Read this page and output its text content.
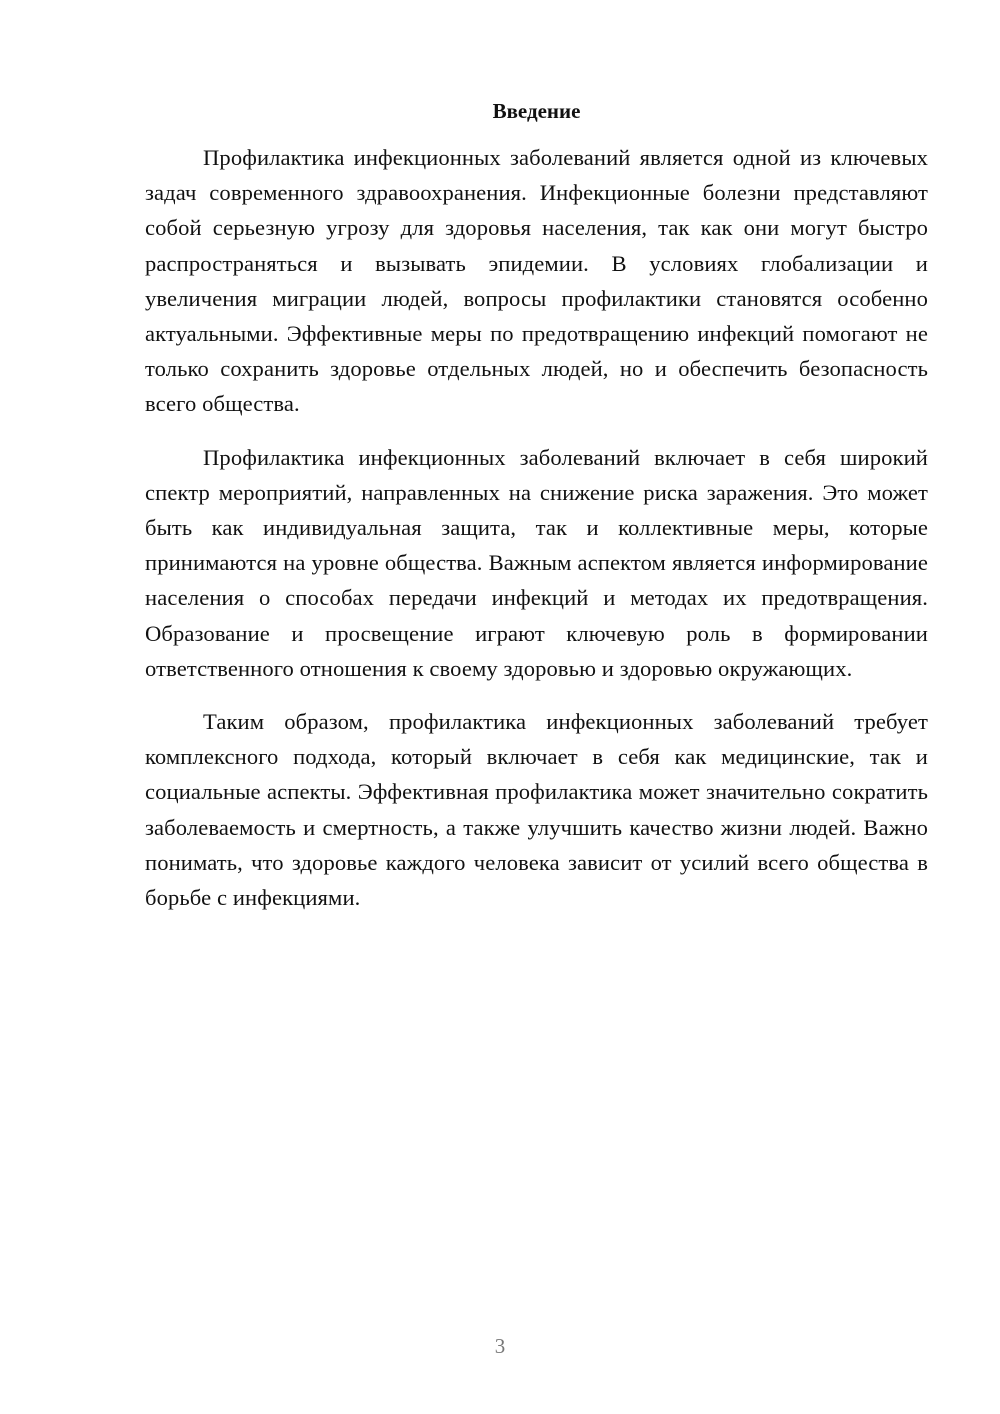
Введение

Профилактика инфекционных заболеваний является одной из ключевых задач современного здравоохранения. Инфекционные болезни представляют собой серьезную угрозу для здоровья населения, так как они могут быстро распространяться и вызывать эпидемии. В условиях глобализации и увеличения миграции людей, вопросы профилактики становятся особенно актуальными. Эффективные меры по предотвращению инфекций помогают не только сохранить здоровье отдельных людей, но и обеспечить безопасность всего общества.

Профилактика инфекционных заболеваний включает в себя широкий спектр мероприятий, направленных на снижение риска заражения. Это может быть как индивидуальная защита, так и коллективные меры, которые принимаются на уровне общества. Важным аспектом является информирование населения о способах передачи инфекций и методах их предотвращения. Образование и просвещение играют ключевую роль в формировании ответственного отношения к своему здоровью и здоровью окружающих.

Таким образом, профилактика инфекционных заболеваний требует комплексного подхода, который включает в себя как медицинские, так и социальные аспекты. Эффективная профилактика может значительно сократить заболеваемость и смертность, а также улучшить качество жизни людей. Важно понимать, что здоровье каждого человека зависит от усилий всего общества в борьбе с инфекциями.

3
